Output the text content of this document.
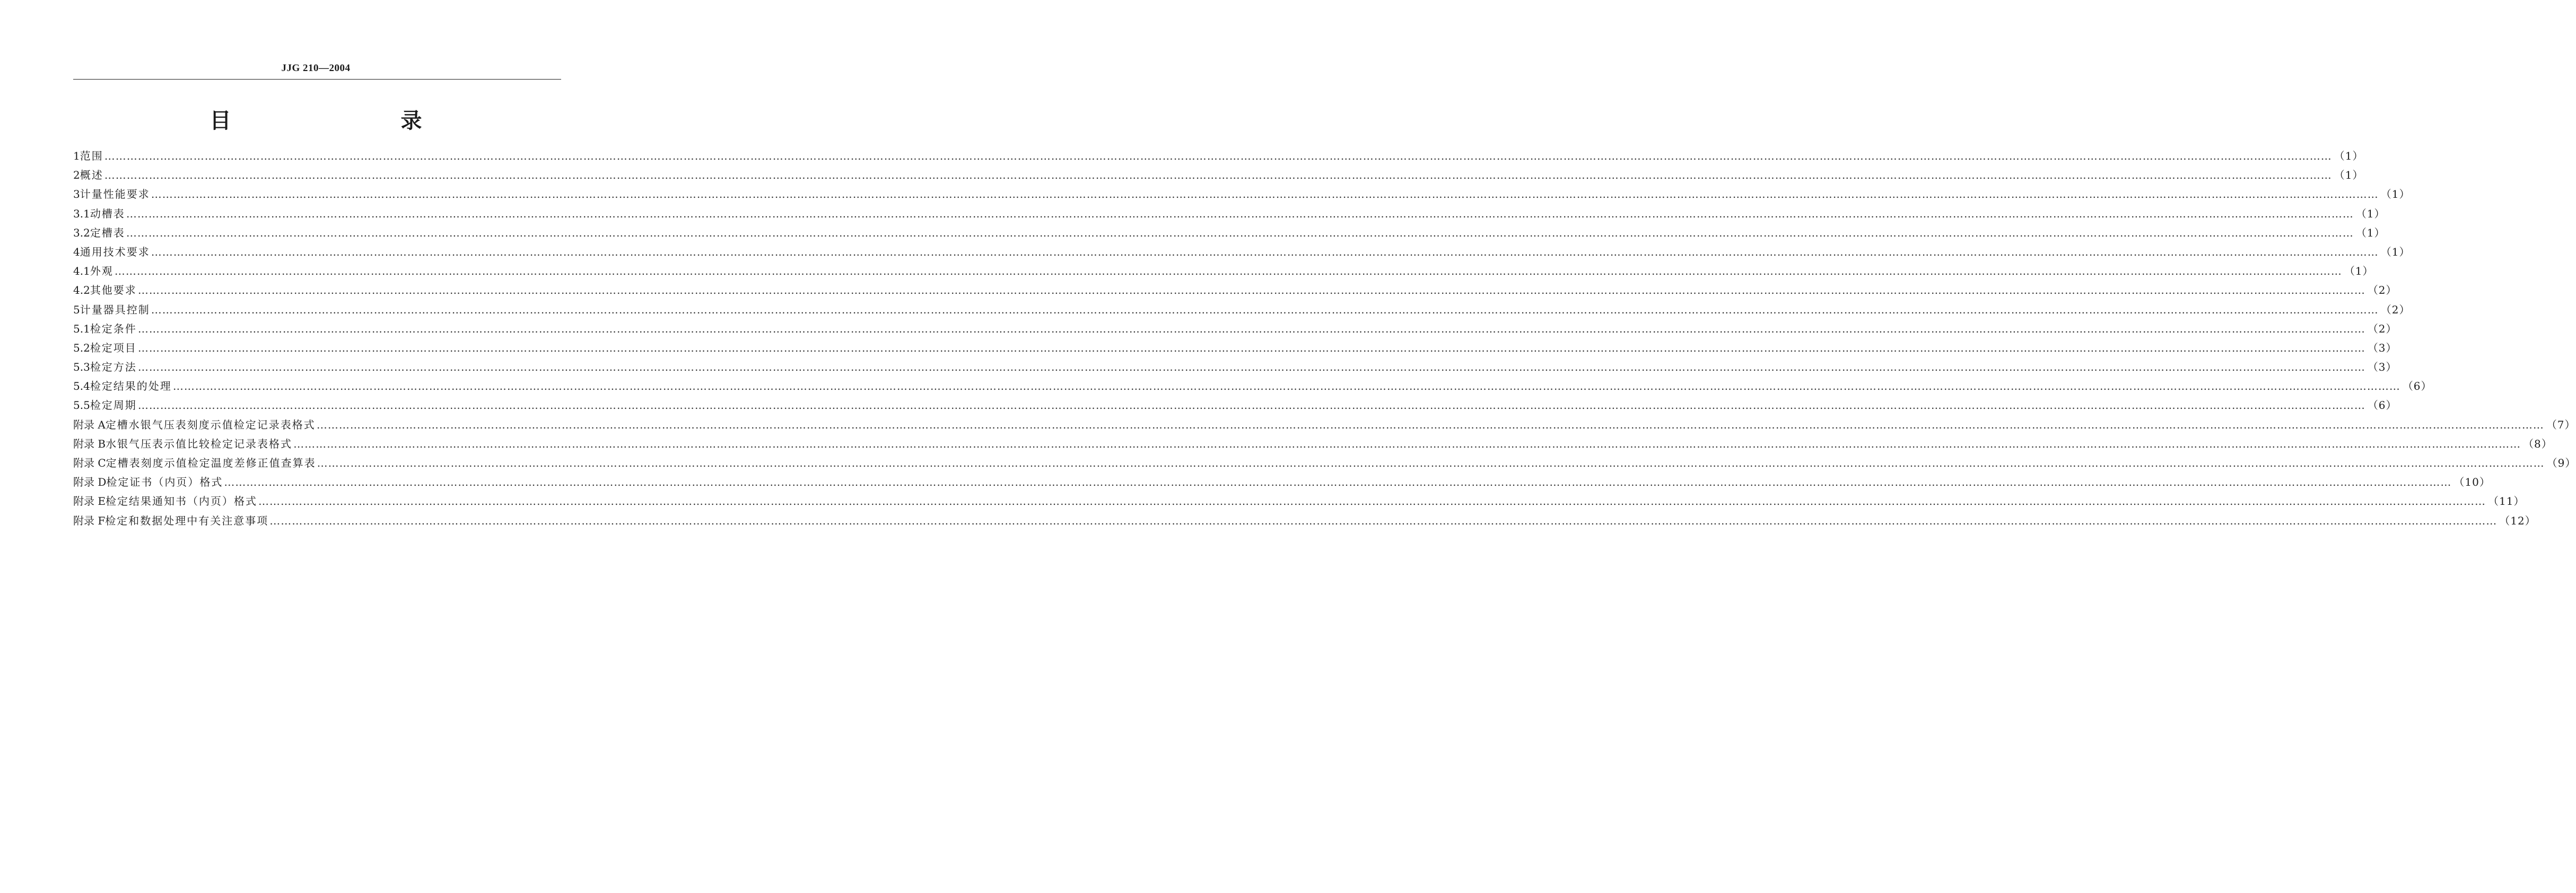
JJG 210—2004
目　　录
1 范围 …………………………………………………………………………………………………………………………………………………………………………………………………………………………………………………………………………………………………………………………………………………………………………………………………………………………………………………………………………………………………………………………………………………… （1）
2 概述 …………………………………………………………………………………………………………………………………………………………………………………………………………………………………………………………………………………………………………………………………………………………………………………………………………………………………………………………………………………………………………………………………………………… （1）
3 计量性能要求 …………………………………………………………………………………………………………………………………………………………………………………………………………………………………………………………………………………………………………………………………………………………………………………………………………………………………………………………………………………………………………………………………………………… （1）
3.1 动槽表 …………………………………………………………………………………………………………………………………………………………………………………………………………………………………………………………………………………………………………………………………………………………………………………………………………………………………………………………………………………………………………………………………………………… （1）
3.2 定槽表 …………………………………………………………………………………………………………………………………………………………………………………………………………………………………………………………………………………………………………………………………………………………………………………………………………………………………………………………………………………………………………………………………………………… （1）
4 通用技术要求 …………………………………………………………………………………………………………………………………………………………………………………………………………………………………………………………………………………………………………………………………………………………………………………………………………………………………………………………………………………………………………………………………………………… （1）
4.1 外观 …………………………………………………………………………………………………………………………………………………………………………………………………………………………………………………………………………………………………………………………………………………………………………………………………………………………………………………………………………………………………………………………………………………… （1）
4.2 其他要求 …………………………………………………………………………………………………………………………………………………………………………………………………………………………………………………………………………………………………………………………………………………………………………………………………………………………………………………………………………………………………………………………………………………… （2）
5 计量器具控制 …………………………………………………………………………………………………………………………………………………………………………………………………………………………………………………………………………………………………………………………………………………………………………………………………………………………………………………………………………………………………………………………………………………… （2）
5.1 检定条件 …………………………………………………………………………………………………………………………………………………………………………………………………………………………………………………………………………………………………………………………………………………………………………………………………………………………………………………………………………………………………………………………………………………… （2）
5.2 检定项目 …………………………………………………………………………………………………………………………………………………………………………………………………………………………………………………………………………………………………………………………………………………………………………………………………………………………………………………………………………………………………………………………………………………… （3）
5.3 检定方法 …………………………………………………………………………………………………………………………………………………………………………………………………………………………………………………………………………………………………………………………………………………………………………………………………………………………………………………………………………………………………………………………………………………… （3）
5.4 检定结果的处理 …………………………………………………………………………………………………………………………………………………………………………………………………………………………………………………………………………………………………………………………………………………………………………………………………………………………………………………………………………………………………………………………………………………… （6）
5.5 检定周期 …………………………………………………………………………………………………………………………………………………………………………………………………………………………………………………………………………………………………………………………………………………………………………………………………………………………………………………………………………………………………………………………………………………… （6）
附录 A 定槽水银气压表刻度示值检定记录表格式 …………………………………………………………………………………………………………………………………………………………………………………………………………………………………………………………………………………………………………………………………………………………………………………………………………………………………………………………………………………………………………………………………………………… （7）
附录 B 水银气压表示值比较检定记录表格式 …………………………………………………………………………………………………………………………………………………………………………………………………………………………………………………………………………………………………………………………………………………………………………………………………………………………………………………………………………………………………………………………………………………… （8）
附录 C 定槽表刻度示值检定温度差修正值查算表 …………………………………………………………………………………………………………………………………………………………………………………………………………………………………………………………………………………………………………………………………………………………………………………………………………………………………………………………………………………………………………………………………………………… （9）
附录 D 检定证书（内页）格式 …………………………………………………………………………………………………………………………………………………………………………………………………………………………………………………………………………………………………………………………………………………………………………………………………………………………………………………………………………………………………………………………………………………… （10）
附录 E 检定结果通知书（内页）格式 …………………………………………………………………………………………………………………………………………………………………………………………………………………………………………………………………………………………………………………………………………………………………………………………………………………………………………………………………………………………………………………………………………………… （11）
附录 F 检定和数据处理中有关注意事项 …………………………………………………………………………………………………………………………………………………………………………………………………………………………………………………………………………………………………………………………………………………………………………………………………………………………………………………………………………………………………………………………………………………… （12）
